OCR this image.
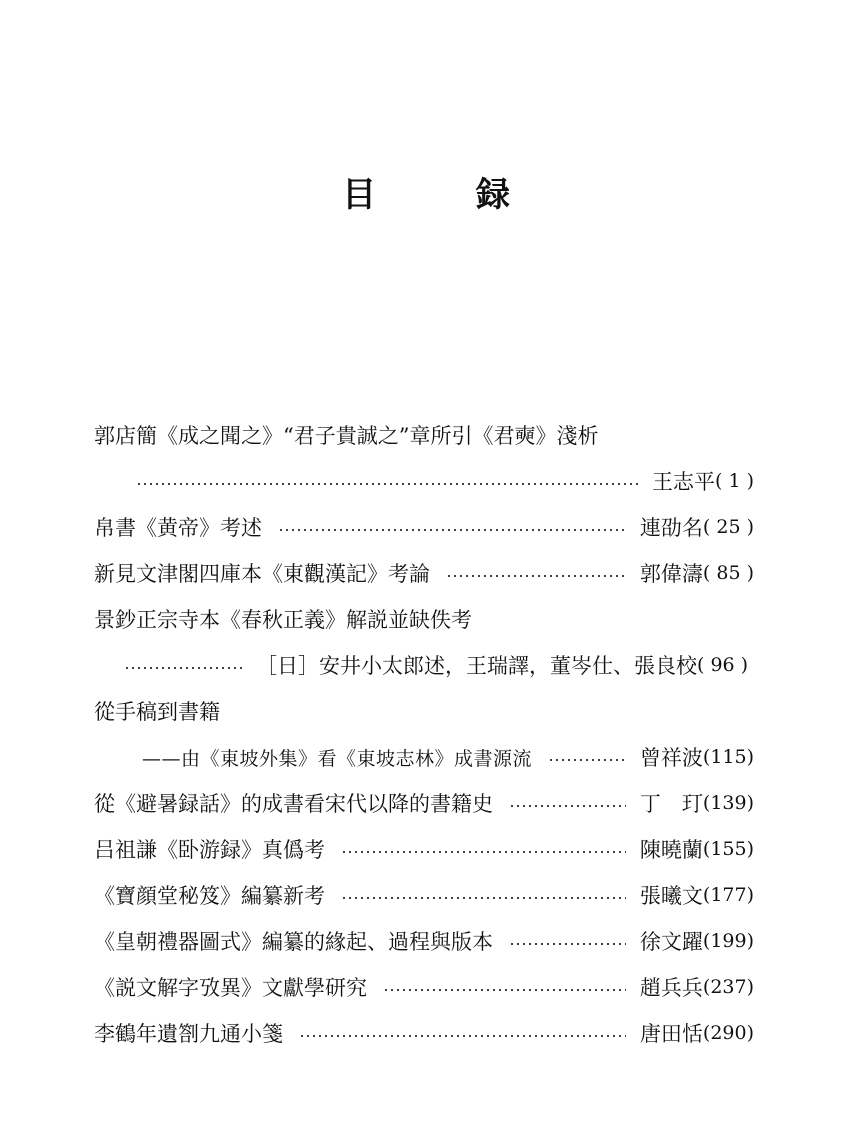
目 録
郭店簡《成之聞之》“君子貴誠之”章所引《君奭》淺析
王志平 ( 1 )
帛書《黄帝》考述	連劭名 ( 25 )
新見文津閣四庫本《東觀漢記》考論	郭偉濤 ( 85 )
景鈔正宗寺本《春秋正義》解説並缺佚考
［日］安井小太郎述，王瑞譯，董岑仕、張良校 ( 96 )
從手稿到書籍
——由《東坡外集》看《東坡志林》成書源流	曾祥波 (115)
從《避暑録話》的成書看宋代以降的書籍史	丁　玎 (139)
吕祖謙《卧游録》真僞考	陳曉蘭 (155)
《寶顔堂秘笈》編纂新考	張曦文 (177)
《皇朝禮器圖式》編纂的緣起、過程與版本	徐文躍 (199)
《説文解字攷異》文獻學研究	趙兵兵 (237)
李鶴年遺劄九通小箋	唐田恬 (290)
